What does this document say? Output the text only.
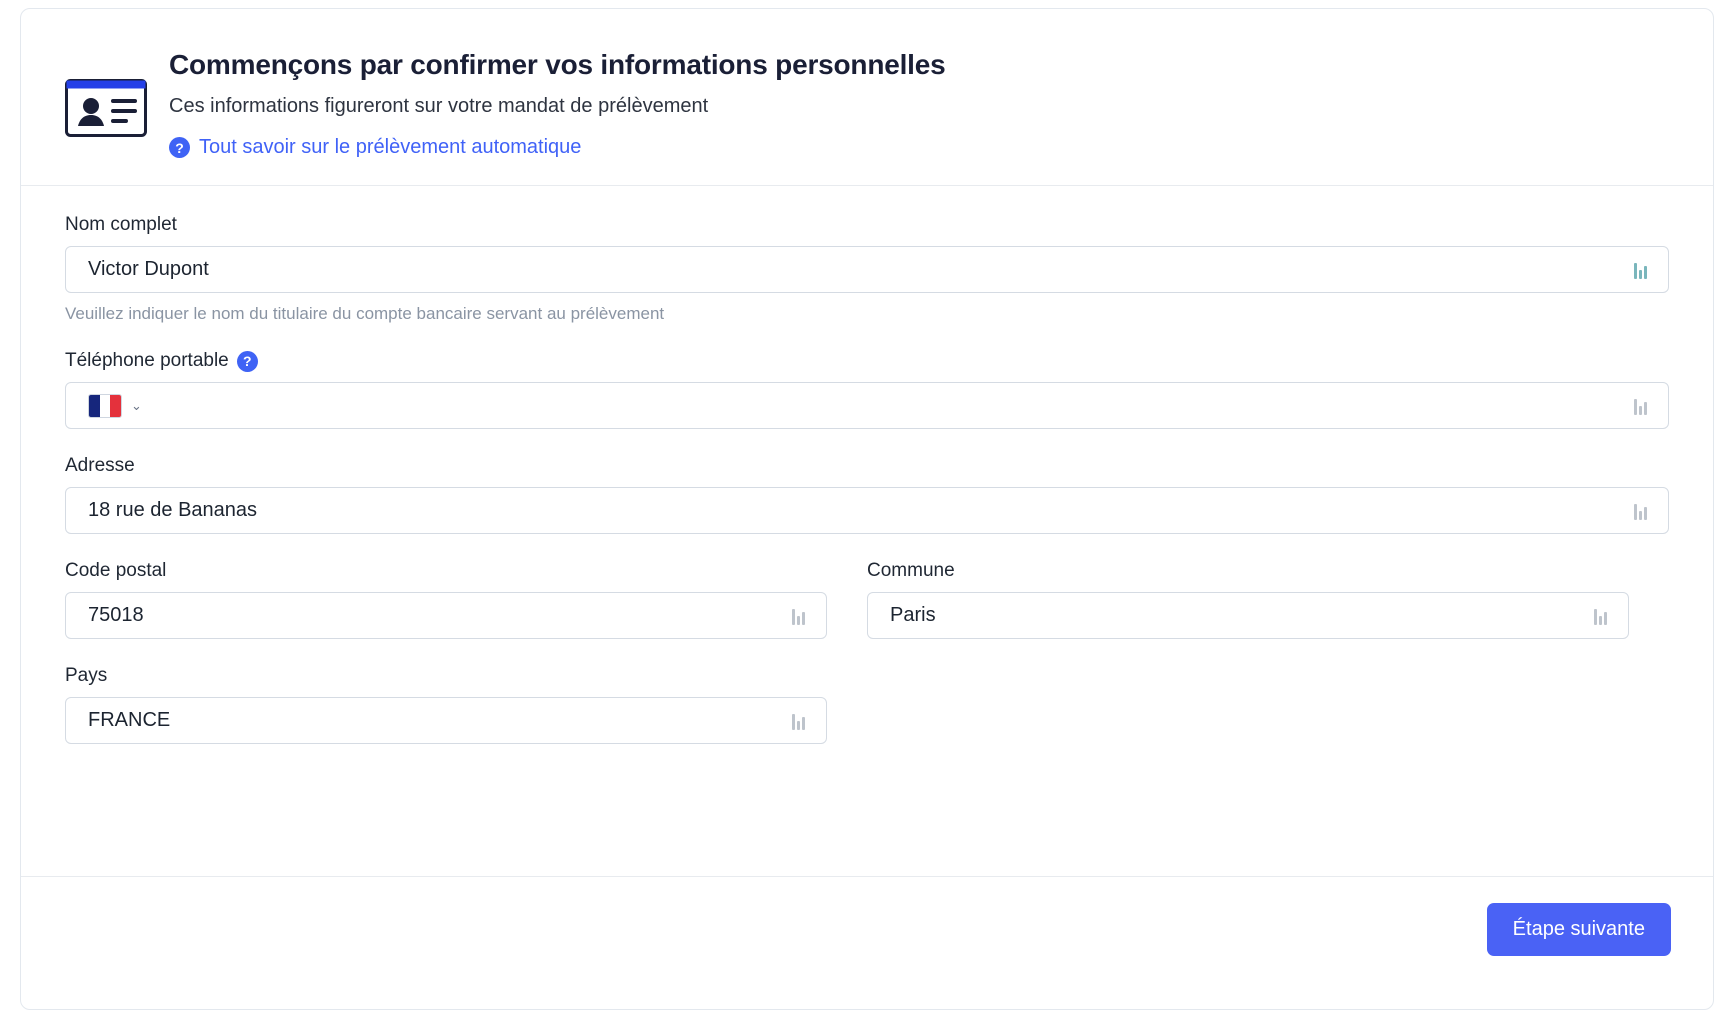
Commençons par confirmer vos informations personnelles

Ces informations figureront sur votre mandat de prélèvement

? Tout savoir sur le prélèvement automatique
Nom complet
Victor Dupont
Veuillez indiquer le nom du titulaire du compte bancaire servant au prélèvement
Téléphone portable	?
⌄
Adresse
18 rue de Bananas
Code postal
75018
Commune
Paris
Pays
FRANCE
Étape suivante
